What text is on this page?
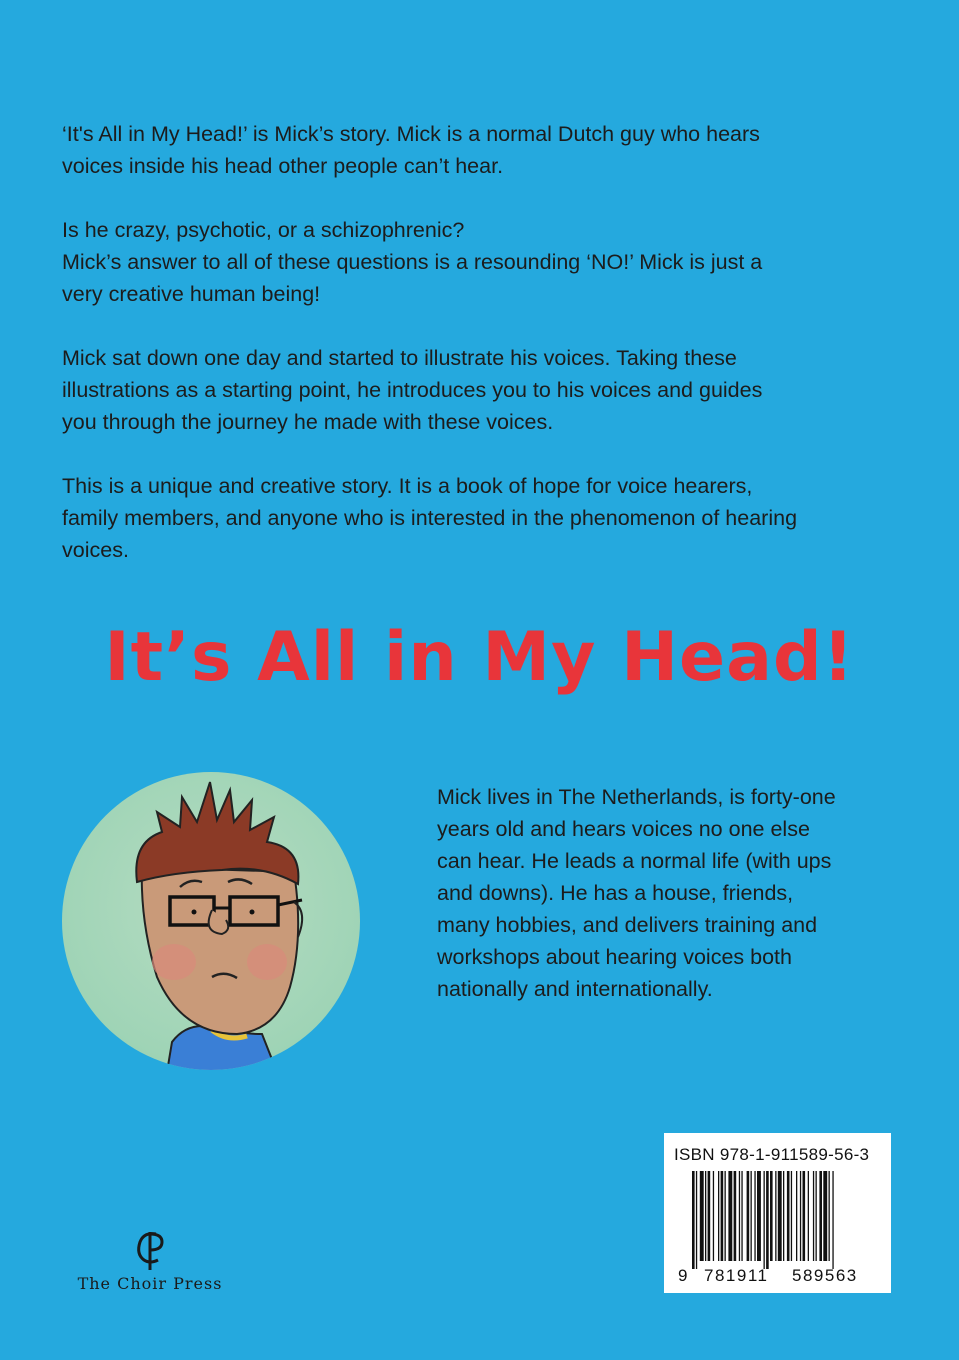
‘It's All in My Head!’ is Mick’s story. Mick is a normal Dutch guy who hears
voices inside his head other people can’t hear.

Is he crazy, psychotic, or a schizophrenic?
Mick’s answer to all of these questions is a resounding ‘NO!’ Mick is just a
very creative human being!

Mick sat down one day and started to illustrate his voices. Taking these
illustrations as a starting point, he introduces you to his voices and guides
you through the journey he made with these voices.

This is a unique and creative story. It is a book of hope for voice hearers,
family members, and anyone who is interested in the phenomenon of hearing
voices.

It’s All in My Head!
Mick lives in The Netherlands, is forty-one
years old and hears voices no one else
can hear. He leads a normal life (with ups
and downs). He has a house, friends,
many hobbies, and delivers training and
workshops about hearing voices both
nationally and internationally.
The Choir Press
ISBN 978-1-911589-56-3
9 781911 589563
